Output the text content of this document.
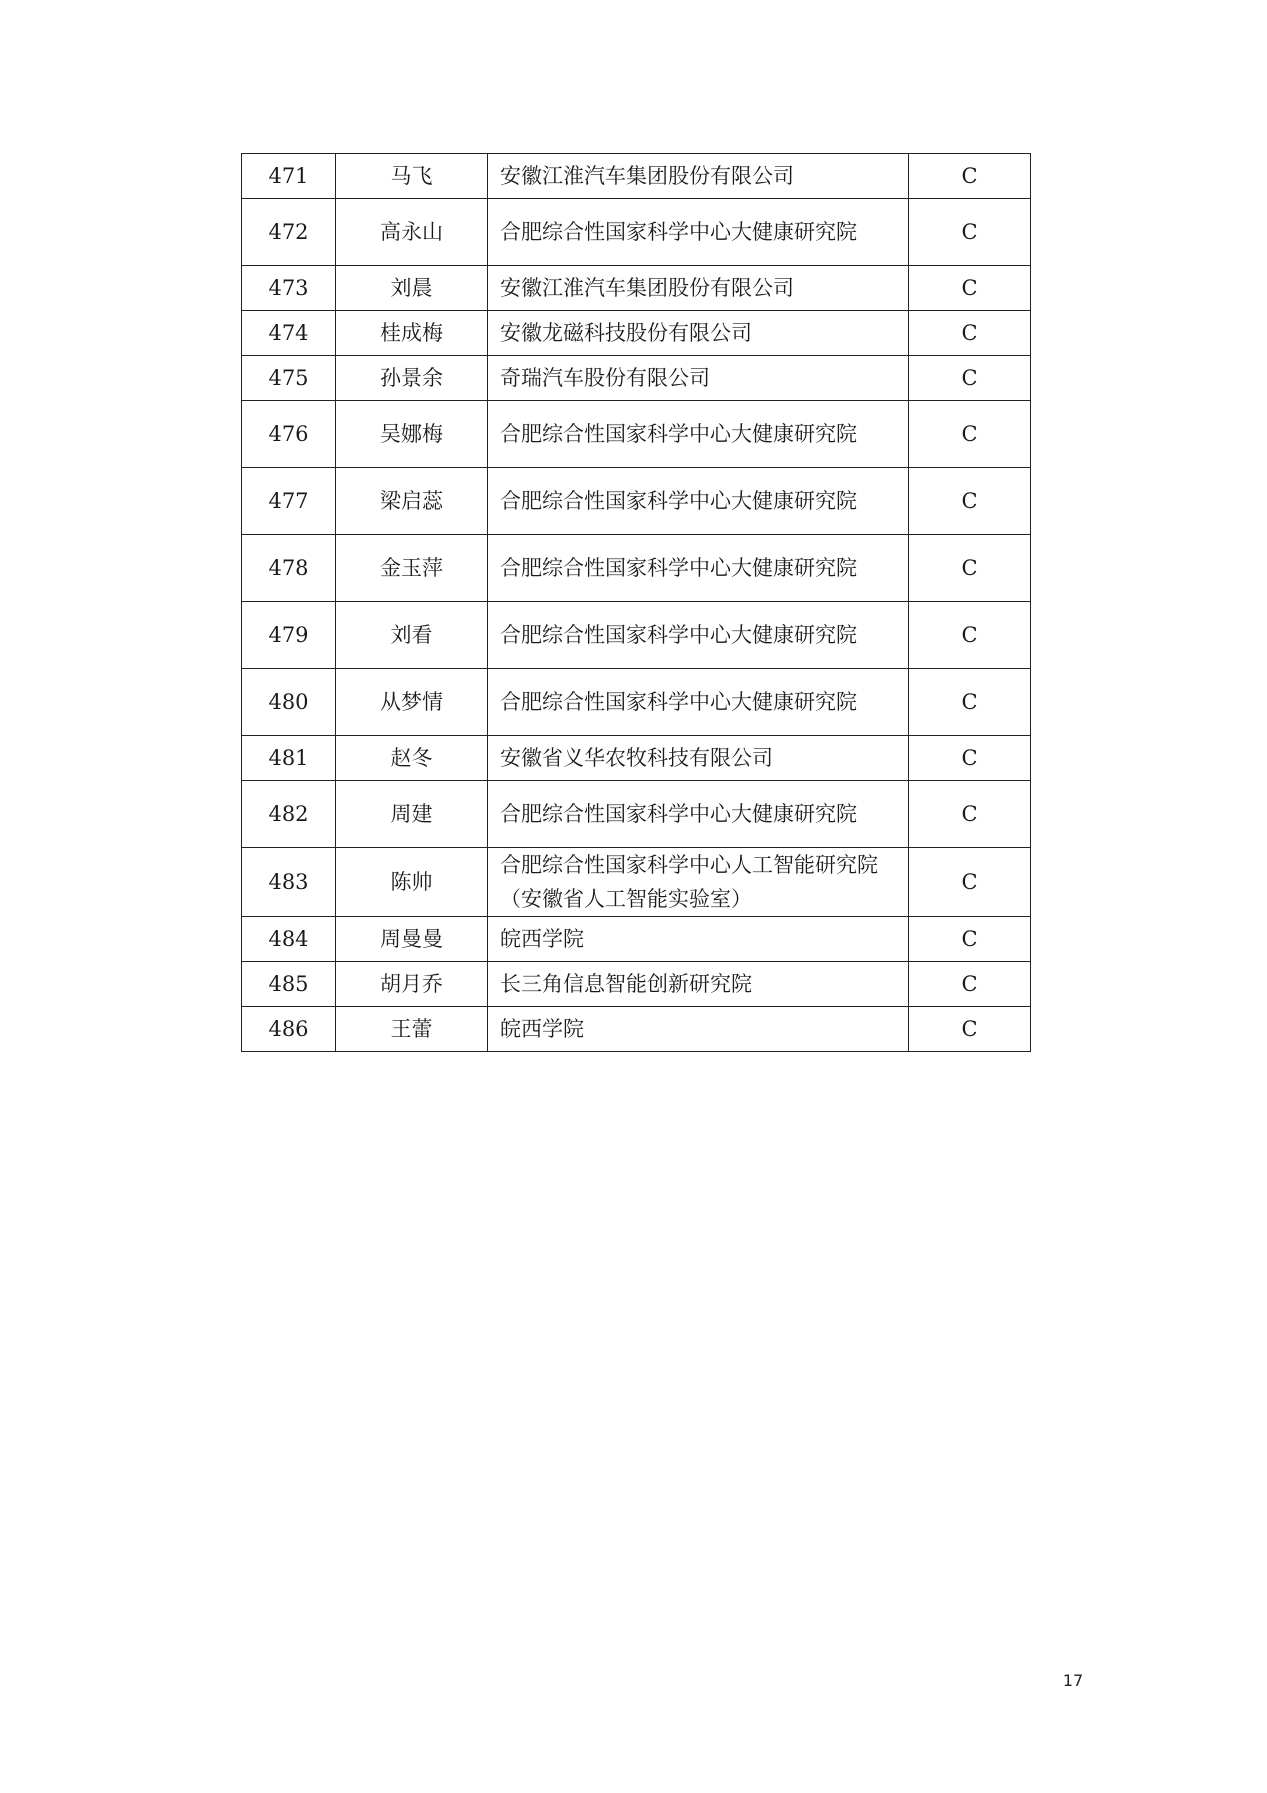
471	马飞	安徽江淮汽车集团股份有限公司	C
472	高永山	合肥综合性国家科学中心大健康研究院	C
473	刘晨	安徽江淮汽车集团股份有限公司	C
474	桂成梅	安徽龙磁科技股份有限公司	C
475	孙景余	奇瑞汽车股份有限公司	C
476	吴娜梅	合肥综合性国家科学中心大健康研究院	C
477	梁启蕊	合肥综合性国家科学中心大健康研究院	C
478	金玉萍	合肥综合性国家科学中心大健康研究院	C
479	刘看	合肥综合性国家科学中心大健康研究院	C
480	从梦情	合肥综合性国家科学中心大健康研究院	C
481	赵冬	安徽省义华农牧科技有限公司	C
482	周建	合肥综合性国家科学中心大健康研究院	C
483	陈帅	合肥综合性国家科学中心人工智能研究院（安徽省人工智能实验室）	C
484	周曼曼	皖西学院	C
485	胡月乔	长三角信息智能创新研究院	C
486	王蕾	皖西学院	C
17
